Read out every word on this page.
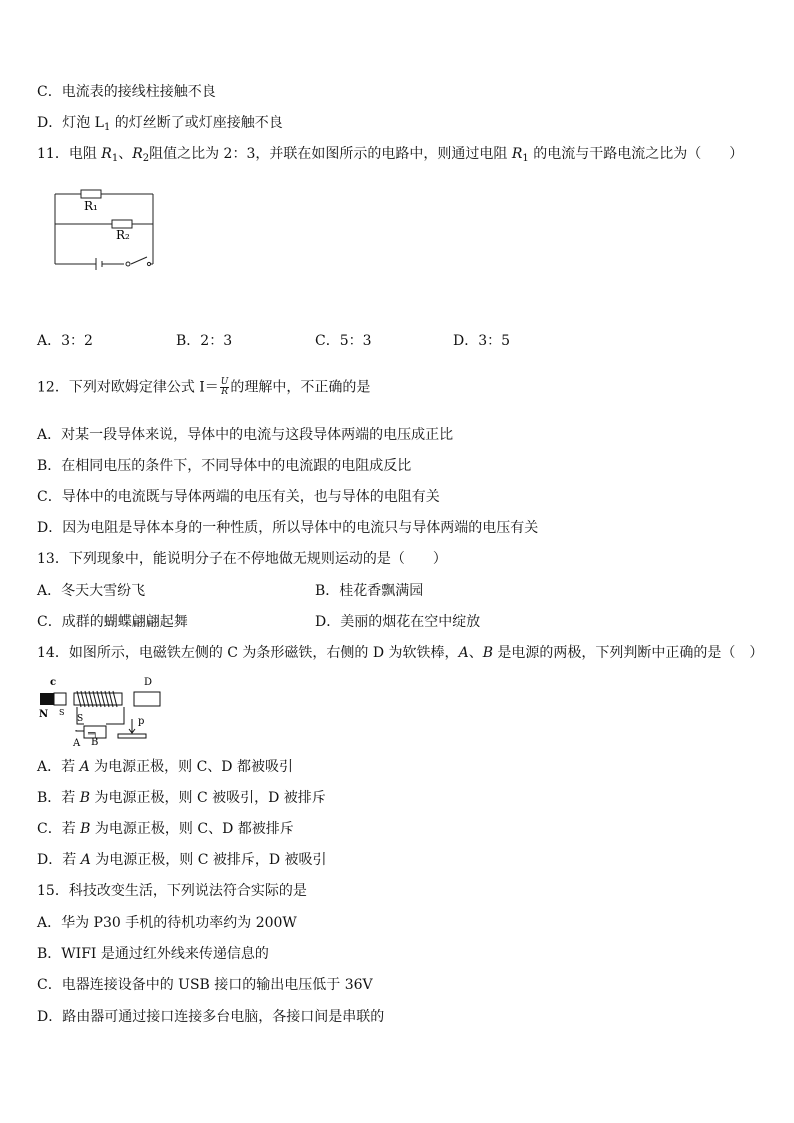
C．电流表的接线柱接触不良
D．灯泡 $L_1$ 的灯丝断了或灯座接触不良
11．电阻 $R_1$、$R_2$阻值之比为 2：3，并联在如图所示的电路中，则通过电阻 $R_1$ 的电流与干路电流之比为（　　）
R₁
R₂
A．3：2	B．2：3	C．5：3	D．3：5
12．下列对欧姆定律公式 $I= \frac{U}{R}$ 的理解中，不正确的是
A．对某一段导体来说，导体中的电流与这段导体两端的电压成正比
B．在相同电压的条件下，不同导体中的电流跟的电阻成反比
C．导体中的电流既与导体两端的电压有关，也与导体的电阻有关
D．因为电阻是导体本身的一种性质，所以导体中的电流只与导体两端的电压有关
13．下列现象中，能说明分子在不停地做无规则运动的是（　　）
A．冬天大雪纷飞	B．桂花香飘满园
C．成群的蝴蝶翩翩起舞	D．美丽的烟花在空中绽放
14．如图所示，电磁铁左侧的 C 为条形磁铁，右侧的 D 为软铁棒，A、B 是电源的两极，下列判断中正确的是（　）
c
N S
D
═╕
S	p
A B
A．若 A 为电源正极，则 C、D 都被吸引
B．若 B 为电源正极，则 C 被吸引，D 被排斥
C．若 B 为电源正极，则 C、D 都被排斥
D．若 A 为电源正极，则 C 被排斥，D 被吸引
15．科技改变生活，下列说法符合实际的是
A．华为 P30 手机的待机功率约为 200W
B．WIFI 是通过红外线来传递信息的
C．电器连接设备中的 USB 接口的输出电压低于 36V
D．路由器可通过接口连接多台电脑，各接口间是串联的
